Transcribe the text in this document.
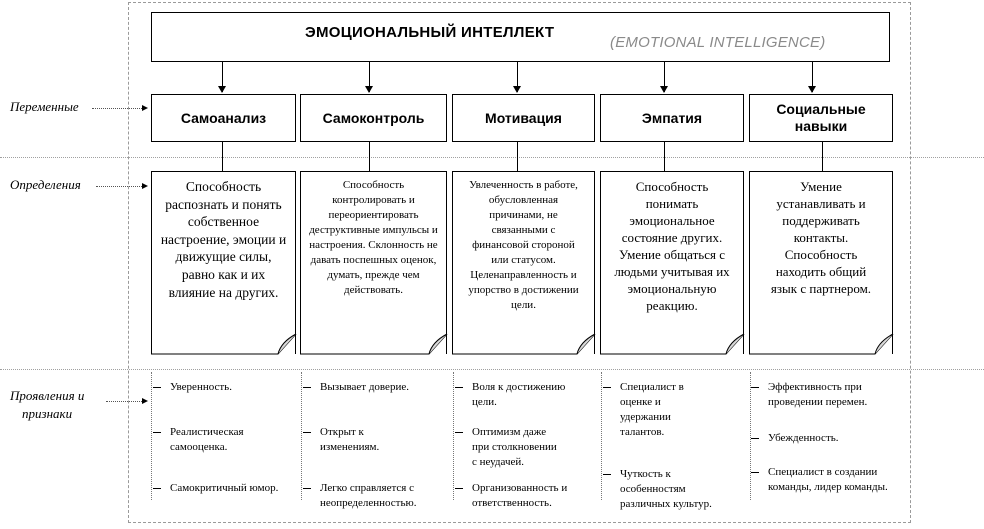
ЭМОЦИОНАЛЬНЫЙ ИНТЕЛЛЕКТ
(EMOTIONAL INTELLIGENCE)
Переменные
Определения
Проявления и
признаки
Самоанализ
Способность распознать и понять собственное настроение, эмоции и движущие силы, равно как и их влияние на других.
Уверенность.
Реалистическая самооценка.
Самокритичный юмор.
Самоконтроль
Способность контролировать и переориентировать деструктивные импульсы и настроения. Склонность не давать поспешных оценок, думать, прежде чем действовать.
Вызывает доверие.
Открыт к изменениям.
Легко справляется с неопределенностью.
Мотивация
Увлеченность в работе, обусловленная причинами, не связанными с финансовой стороной или статусом. Целенаправленность и упорство в достижении цели.
Воля к достижению цели.
Оптимизм даже при столкновении с неудачей.
Организованность и ответственность.
Эмпатия
Способность понимать эмоциональное состояние других. Умение общаться с людьми учитывая их эмоциональную реакцию.
Специалист в оценке и удержании талантов.
Чуткость к особенностям различных культур.
Социальные навыки
Умение устанавливать и поддерживать контакты. Способность находить общий язык с партнером.
Эффективность при проведении перемен.
Убежденность.
Специалист в создании команды, лидер команды.
